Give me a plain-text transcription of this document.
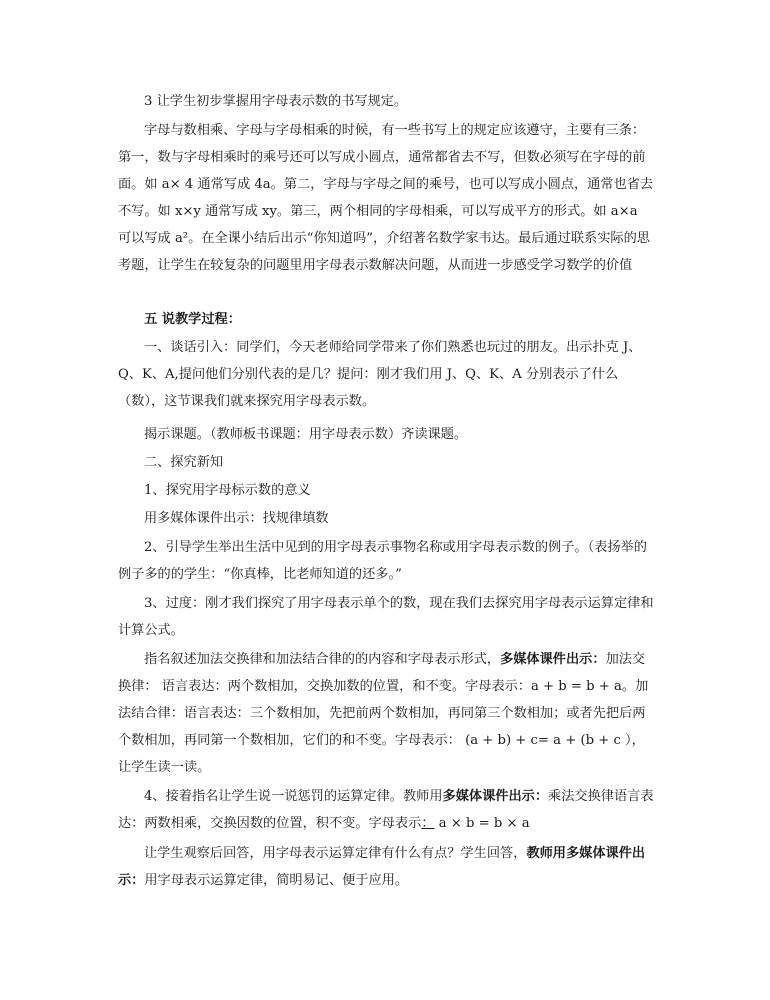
3 让学生初步掌握用字母表示数的书写规定。

字母与数相乘、字母与字母相乘的时候，有一些书写上的规定应该遵守，主要有三条：第一，数与字母相乘时的乘号还可以写成小圆点，通常都省去不写，但数必须写在字母的前面。如 a× 4 通常写成 4a。第二，字母与字母之间的乘号，也可以写成小圆点，通常也省去不写。如 x×y 通常写成 xy。第三，两个相同的字母相乘，可以写成平方的形式。如 a×a 可以写成 a²。在全课小结后出示“你知道吗”，介绍著名数学家韦达。最后通过联系实际的思考题，让学生在较复杂的问题里用字母表示数解决问题，从而进一步感受学习数学的价值

五 说教学过程：

一、谈话引入：同学们，今天老师给同学带来了你们熟悉也玩过的朋友。出示扑克 J、Q、K、A,提问他们分别代表的是几？提问：刚才我们用 J、Q、K、A 分别表示了什么（数），这节课我们就来探究用字母表示数。

揭示课题。（教师板书课题：用字母表示数）齐读课题。

二、探究新知

1、探究用字母标示数的意义

用多媒体课件出示：找规律填数

2、引导学生举出生活中见到的用字母表示事物名称或用字母表示数的例子。（表扬举的例子多的的学生：“你真棒，比老师知道的还多。”

3、过度：刚才我们探究了用字母表示单个的数，现在我们去探究用字母表示运算定律和计算公式。

指名叙述加法交换律和加法结合律的的内容和字母表示形式，多媒体课件出示：加法交换律： 语言表达：两个数相加，交换加数的位置，和不变。字母表示：a + b = b + a。加法结合律：语言表达：三个数相加，先把前两个数相加，再同第三个数相加；或者先把后两个数相加，再同第一个数相加，它们的和不变。字母表示： (a + b) + c= a + (b + c ），让学生读一读。

4、接着指名让学生说一说惩罚的运算定律。教师用多媒体课件出示：乘法交换律语言表达：两数相乘，交换因数的位置，积不变。字母表示： a × b = b × a

让学生观察后回答，用字母表示运算定律有什么有点？学生回答，教师用多媒体课件出示：用字母表示运算定律，简明易记、便于应用。
